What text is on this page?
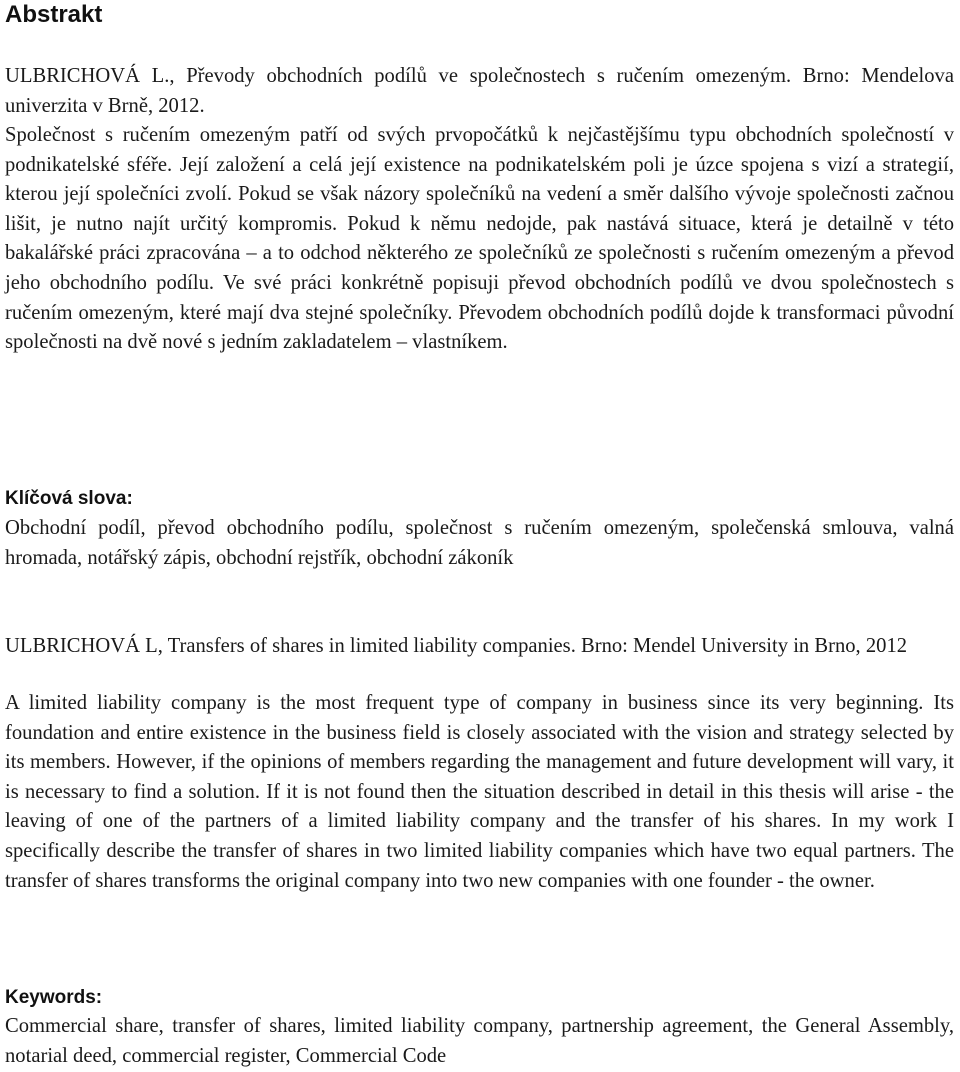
Abstrakt

ULBRICHOVÁ L., Převody obchodních podílů ve společnostech s ručením omezeným. Brno: Mendelova univerzita v Brně, 2012.

Společnost s ručením omezeným patří od svých prvopočátků k nejčastějšímu typu obchodních společností v podnikatelské sféře. Její založení a celá její existence na podnikatelském poli je úzce spojena s vizí a strategií, kterou její společníci zvolí. Pokud se však názory společníků na vedení a směr dalšího vývoje společnosti začnou lišit, je nutno najít určitý kompromis. Pokud k němu nedojde, pak nastává situace, která je detailně v této bakalářské práci zpracována – a to odchod některého ze společníků ze společnosti s ručením omezeným a převod jeho obchodního podílu. Ve své práci konkrétně popisuji převod obchodních podílů ve dvou společnostech s ručením omezeným, které mají dva stejné společníky. Převodem obchodních podílů dojde k transformaci původní společnosti na dvě nové s jedním zakladatelem – vlastníkem.

Klíčová slova:

Obchodní podíl, převod obchodního podílu, společnost s ručením omezeným, společenská smlouva, valná hromada, notářský zápis, obchodní rejstřík, obchodní zákoník

ULBRICHOVÁ L, Transfers of shares in limited liability companies. Brno: Mendel University in Brno, 2012

A limited liability company is the most frequent type of company in business since its very beginning. Its foundation and entire existence in the business field is closely associated with the vision and strategy selected by its members. However, if the opinions of members regarding the management and future development will vary, it is necessary to find a solution. If it is not found then the situation described in detail in this thesis will arise - the leaving of one of the partners of a limited liability company and the transfer of his shares. In my work I specifically describe the transfer of shares in two limited liability companies which have two equal partners. The transfer of shares transforms the original company into two new companies with one founder - the owner.

Keywords:

Commercial share, transfer of shares, limited liability company, partnership agreement, the General Assembly, notarial deed, commercial register, Commercial Code
